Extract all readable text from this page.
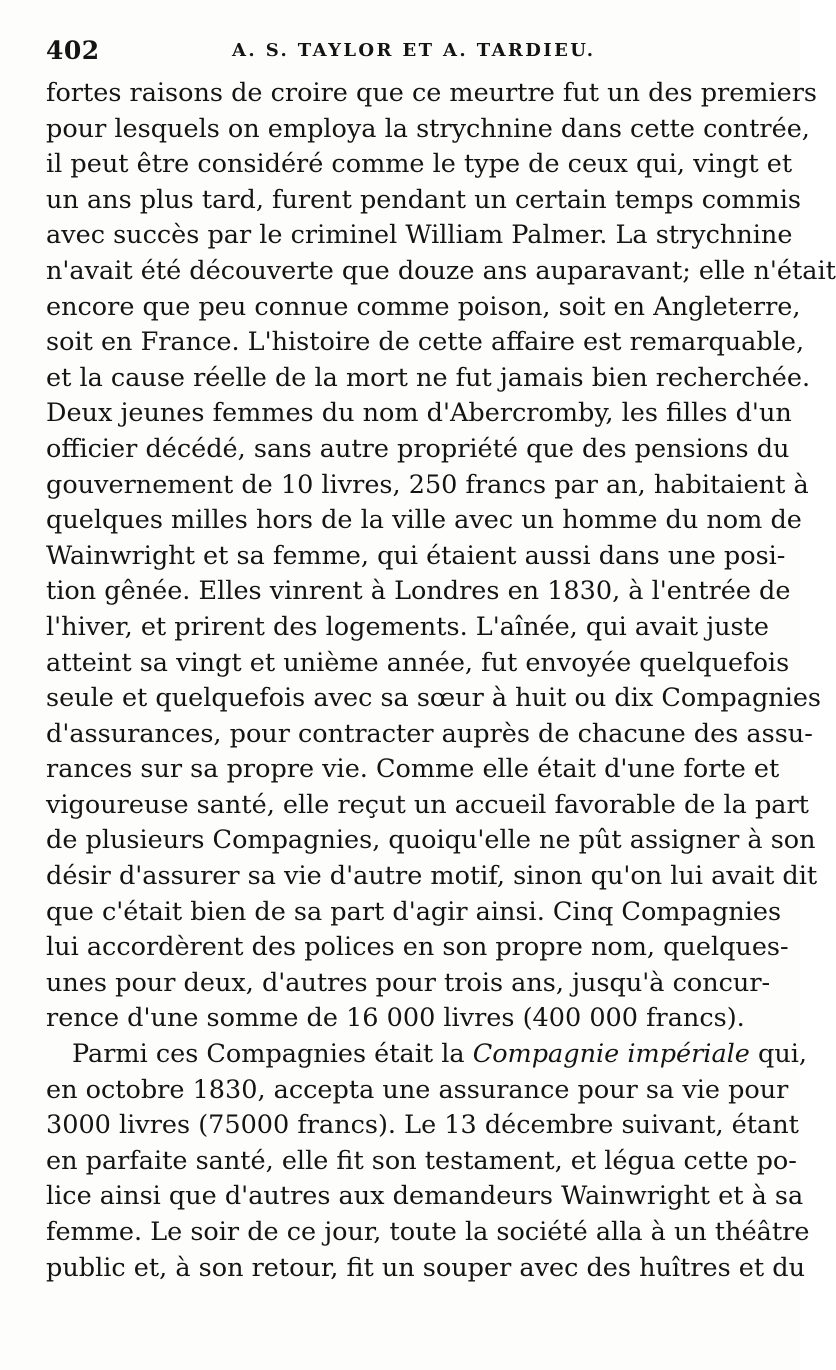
402	A. S. TAYLOR ET A. TARDIEU.
fortes raisons de croire que ce meurtre fut un des premiers
pour lesquels on employa la strychnine dans cette contrée,
il peut être considéré comme le type de ceux qui, vingt et
un ans plus tard, furent pendant un certain temps commis
avec succès par le criminel William Palmer. La strychnine
n'avait été découverte que douze ans auparavant; elle n'était
encore que peu connue comme poison, soit en Angleterre,
soit en France. L'histoire de cette affaire est remarquable,
et la cause réelle de la mort ne fut jamais bien recherchée.
Deux jeunes femmes du nom d'Abercromby, les filles d'un
officier décédé, sans autre propriété que des pensions du
gouvernement de 10 livres, 250 francs par an, habitaient à
quelques milles hors de la ville avec un homme du nom de
Wainwright et sa femme, qui étaient aussi dans une posi-
tion gênée. Elles vinrent à Londres en 1830, à l'entrée de
l'hiver, et prirent des logements. L'aînée, qui avait juste
atteint sa vingt et unième année, fut envoyée quelquefois
seule et quelquefois avec sa sœur à huit ou dix Compagnies
d'assurances, pour contracter auprès de chacune des assu-
rances sur sa propre vie. Comme elle était d'une forte et
vigoureuse santé, elle reçut un accueil favorable de la part
de plusieurs Compagnies, quoiqu'elle ne pût assigner à son
désir d'assurer sa vie d'autre motif, sinon qu'on lui avait dit
que c'était bien de sa part d'agir ainsi. Cinq Compagnies
lui accordèrent des polices en son propre nom, quelques-
unes pour deux, d'autres pour trois ans, jusqu'à concur-
rence d'une somme de 16 000 livres (400 000 francs).
Parmi ces Compagnies était la Compagnie impériale qui,
en octobre 1830, accepta une assurance pour sa vie pour
3000 livres (75000 francs). Le 13 décembre suivant, étant
en parfaite santé, elle fit son testament, et légua cette po-
lice ainsi que d'autres aux demandeurs Wainwright et à sa
femme. Le soir de ce jour, toute la société alla à un théâtre
public et, à son retour, fit un souper avec des huîtres et du
